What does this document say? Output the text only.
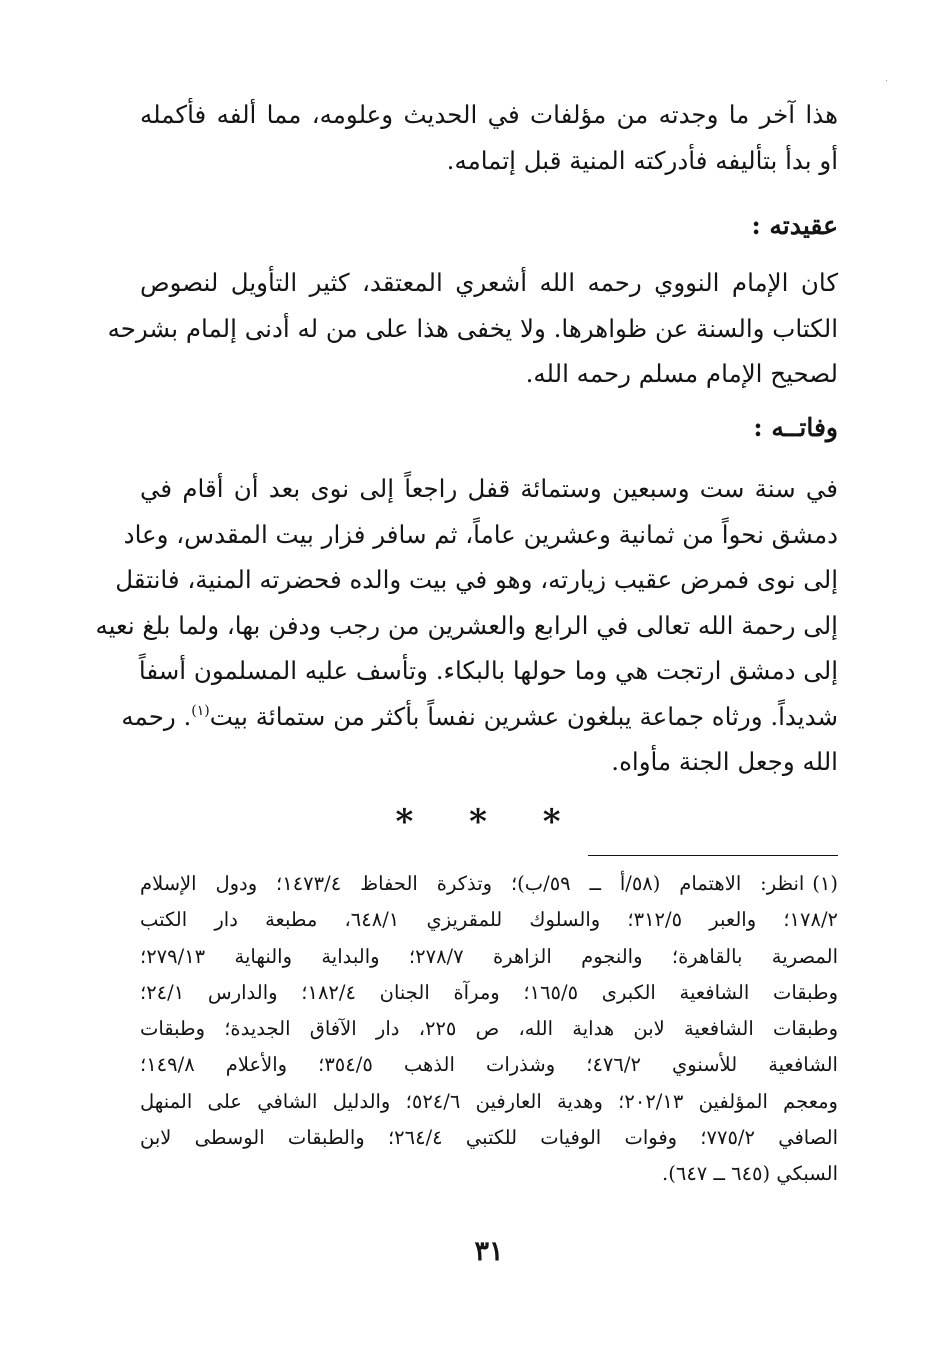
هذا آخر ما وجدته من مؤلفات في الحديث وعلومه، مما ألفه فأكمله
أو بدأ بتأليفه فأدركته المنية قبل إتمامه.
عقيدته :
كان الإمام النووي رحمه الله أشعري المعتقد، كثير التأويل لنصوص
الكتاب والسنة عن ظواهرها. ولا يخفى هذا على من له أدنى إلمام بشرحه
لصحيح الإمام مسلم رحمه الله.
وفاتــه :
في سنة ست وسبعين وستمائة قفل راجعاً إلى نوى بعد أن أقام في
دمشق نحواً من ثمانية وعشرين عاماً، ثم سافر فزار بيت المقدس، وعاد
إلى نوى فمرض عقيب زيارته، وهو في بيت والده فحضرته المنية، فانتقل
إلى رحمة الله تعالى في الرابع والعشرين من رجب ودفن بها، ولما بلغ نعيه
إلى دمشق ارتجت هي وما حولها بالبكاء. وتأسف عليه المسلمون أسفاً
شديداً. ورثاه جماعة يبلغون عشرين نفساً بأكثر من ستمائة بيت$^{(١)}$. رحمه
الله وجعل الجنة مأواه.
* * *
(١)انظر: الاهتمام (٥٨/أ ــ ٥٩/ب)؛ وتذكرة الحفاظ ١٤٧٣/٤؛ ودول الإسلام
١٧٨/٢؛ والعبر ٣١٢/٥؛ والسلوك للمقريزي ٦٤٨/١، مطبعة دار الكتب
المصرية بالقاهرة؛ والنجوم الزاهرة ٢٧٨/٧؛ والبداية والنهاية ٢٧٩/١٣؛
وطبقات الشافعية الكبرى ١٦٥/٥؛ ومرآة الجنان ١٨٢/٤؛ والدارس ٢٤/١؛
وطبقات الشافعية لابن هداية الله، ص ٢٢٥، دار الآفاق الجديدة؛ وطبقات
الشافعية للأسنوي ٤٧٦/٢؛ وشذرات الذهب ٣٥٤/٥؛ والأعلام ١٤٩/٨؛
ومعجم المؤلفين ٢٠٢/١٣؛ وهدية العارفين ٥٢٤/٦؛ والدليل الشافي على المنهل
الصافي ٧٧٥/٢؛ وفوات الوفيات للكتبي ٢٦٤/٤؛ والطبقات الوسطى لابن
السبكي (٦٤٥ ــ ٦٤٧).
٣١
